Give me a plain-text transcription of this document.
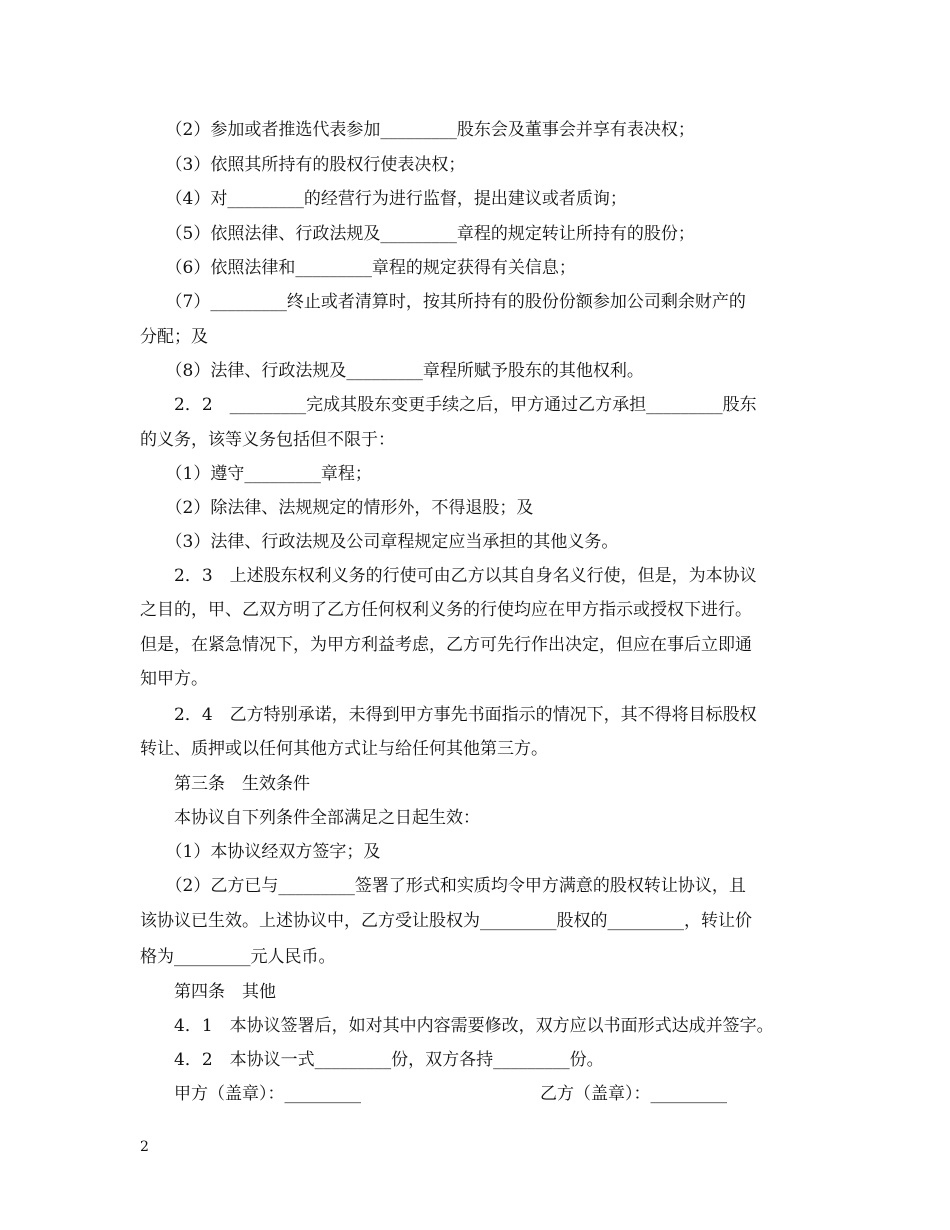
　　（2）参加或者推选代表参加_________股东会及董事会并享有表决权；
　　（3）依照其所持有的股权行使表决权；
　　（4）对_________的经营行为进行监督，提出建议或者质询；
　　（5）依照法律、行政法规及_________章程的规定转让所持有的股份；
　　（6）依照法律和_________章程的规定获得有关信息；
　　（7）_________终止或者清算时，按其所持有的股份份额参加公司剩余财产的
分配；及
　　（8）法律、行政法规及_________章程所赋予股东的其他权利。
　　2．2　_________完成其股东变更手续之后，甲方通过乙方承担_________股东
的义务，该等义务包括但不限于：
　　（1）遵守_________章程；
　　（2）除法律、法规规定的情形外，不得退股；及
　　（3）法律、行政法规及公司章程规定应当承担的其他义务。
　　2．3　上述股东权利义务的行使可由乙方以其自身名义行使，但是，为本协议
之目的，甲、乙双方明了乙方任何权利义务的行使均应在甲方指示或授权下进行。
但是，在紧急情况下，为甲方利益考虑，乙方可先行作出决定，但应在事后立即通
知甲方。
　　2．4　乙方特别承诺，未得到甲方事先书面指示的情况下，其不得将目标股权
转让、质押或以任何其他方式让与给任何其他第三方。
　　第三条　生效条件
　　本协议自下列条件全部满足之日起生效：
　　（1）本协议经双方签字；及
　　（2）乙方已与_________签署了形式和实质均令甲方满意的股权转让协议，且
该协议已生效。上述协议中，乙方受让股权为_________股权的_________，转让价
格为_________元人民币。
　　第四条　其他
　　4．1　本协议签署后，如对其中内容需要修改，双方应以书面形式达成并签字。
　　4．2　本协议一式_________份，双方各持_________份。
　　甲方（盖章）：_________	乙方（盖章）：_________
2
